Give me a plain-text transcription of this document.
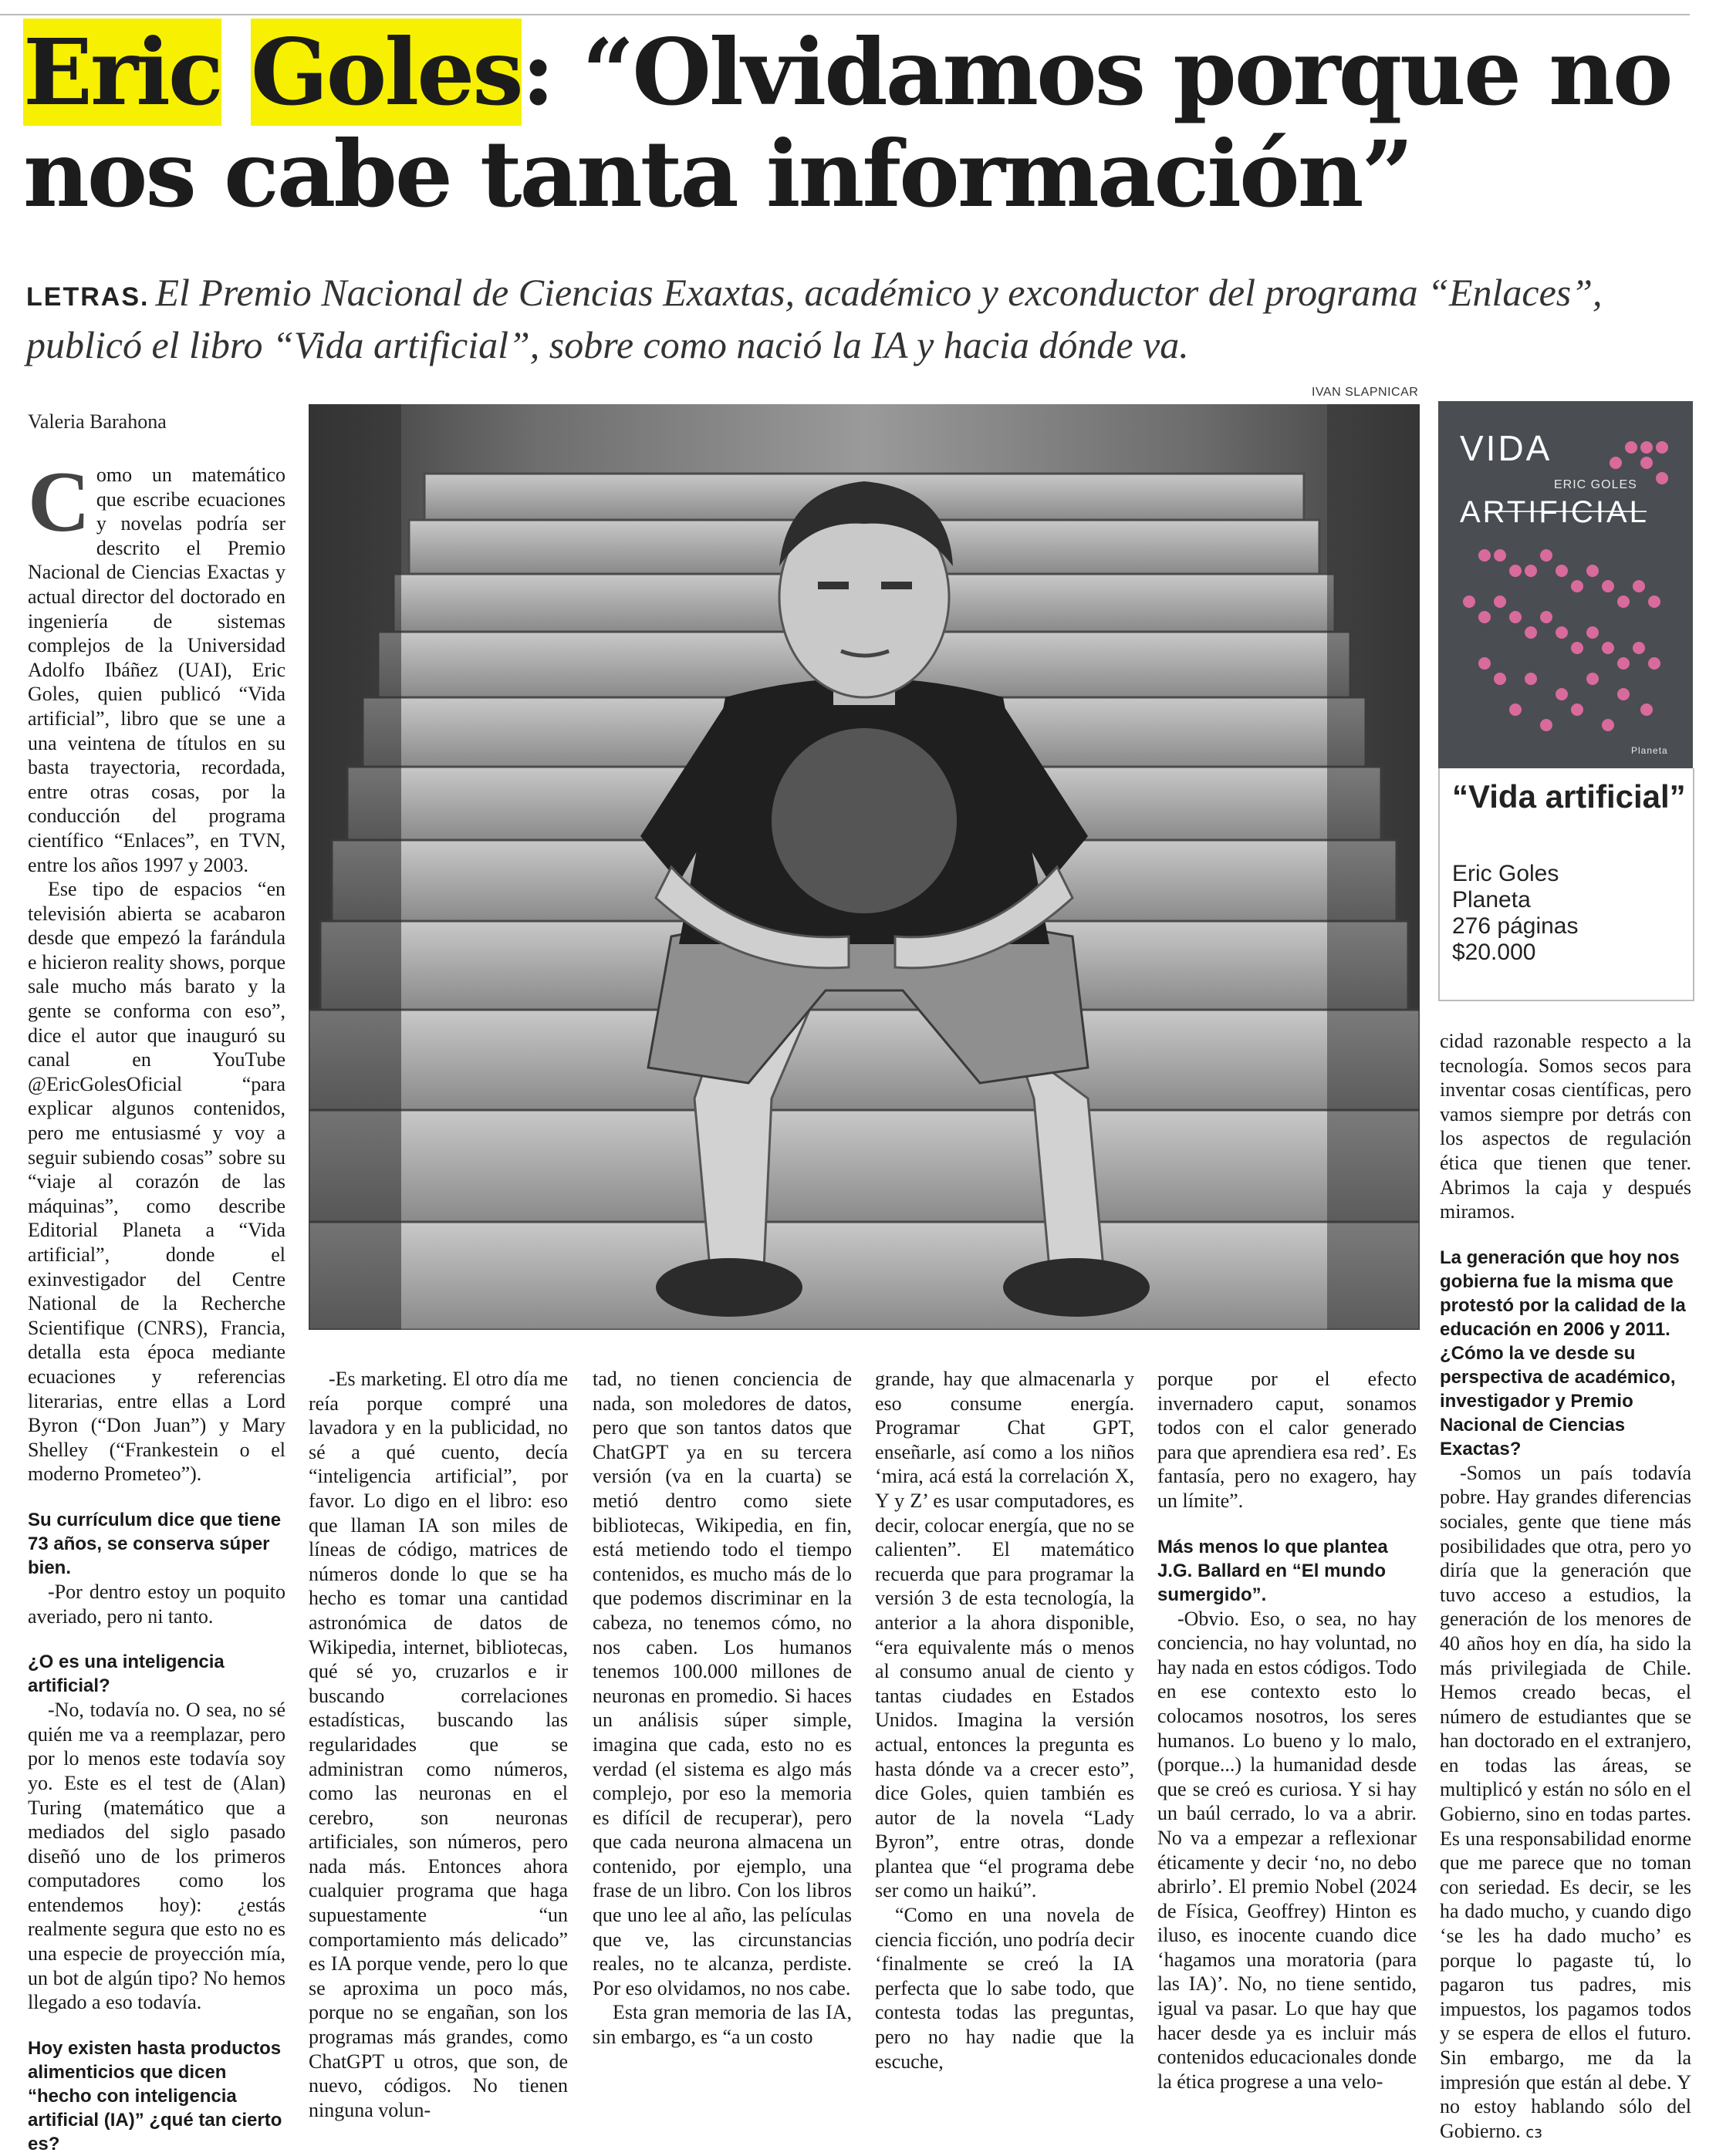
Eric Goles: “Olvidamos porque no nos cabe tanta información”

LETRAS. El Premio Nacional de Ciencias Exaxtas, académico y exconductor del programa “Enlaces”, publicó el libro “Vida artificial”, sobre como nació la IA y hacia dónde va.

Valeria Barahona
IVAN SLAPNICAR
VIDA
ERIC GOLES
ARTIFICIAL
Planeta
“Vida artificial”
Eric Goles
Planeta
276 páginas
$20.000

Como un matemático que escribe ecuaciones y novelas podría ser descrito el Premio Nacional de Ciencias Exactas y actual director del doctorado en ingeniería de sistemas complejos de la Universidad Adolfo Ibáñez (UAI), Eric Goles, quien publicó “Vida artificial”, libro que se une a una veintena de títulos en su basta trayectoria, recordada, entre otras cosas, por la conducción del programa científico “Enlaces”, en TVN, entre los años 1997 y 2003.

Ese tipo de espacios “en televisión abierta se acabaron desde que empezó la farándula e hicieron reality shows, porque sale mucho más barato y la gente se conforma con eso”, dice el autor que inauguró su canal en YouTube @EricGolesOficial “para explicar algunos contenidos, pero me entusiasmé y voy a seguir subiendo cosas” sobre su “viaje al corazón de las máquinas”, como describe Editorial Planeta a “Vida artificial”, donde el exinvestigador del Centre National de la Recherche Scientifique (CNRS), Francia, detalla esta época mediante ecuaciones y referencias literarias, entre ellas a Lord Byron (“Don Juan”) y Mary Shelley (“Frankestein o el moderno Prometeo”).

Su currículum dice que tiene 73 años, se conserva súper bien.

-Por dentro estoy un poquito averiado, pero ni tanto.

¿O es una inteligencia artificial?

-No, todavía no. O sea, no sé quién me va a reemplazar, pero por lo menos este todavía soy yo. Este es el test de (Alan) Turing (matemático que a mediados del siglo pasado diseñó uno de los primeros computadores como los entendemos hoy): ¿estás realmente segura que esto no es una especie de proyección mía, un bot de algún tipo? No hemos llegado a eso todavía.

Hoy existen hasta productos alimenticios que dicen “hecho con inteligencia artificial (IA)” ¿qué tan cierto es?

-Es marketing. El otro día me reía porque compré una lavadora y en la publicidad, no sé a qué cuento, decía “inteligencia artificial”, por favor. Lo digo en el libro: eso que llaman IA son miles de líneas de código, matrices de números donde lo que se ha hecho es tomar una cantidad astronómica de datos de Wikipedia, internet, bibliotecas, qué sé yo, cruzarlos e ir buscando correlaciones estadísticas, buscando las regularidades que se administran como números, como las neuronas en el cerebro, son neuronas artificiales, son números, pero nada más. Entonces ahora cualquier programa que haga supuestamente “un comportamiento más delicado” es IA porque vende, pero lo que se aproxima un poco más, porque no se engañan, son los programas más grandes, como ChatGPT u otros, que son, de nuevo, códigos. No tienen ninguna volun-

tad, no tienen conciencia de nada, son moledores de datos, pero que son tantos datos que ChatGPT ya en su tercera versión (va en la cuarta) se metió dentro como siete bibliotecas, Wikipedia, en fin, está metiendo todo el tiempo contenidos, es mucho más de lo que podemos discriminar en la cabeza, no tenemos cómo, no nos caben. Los humanos tenemos 100.000 millones de neuronas en promedio. Si haces un análisis súper simple, imagina que cada, esto no es verdad (el sistema es algo más complejo, por eso la memoria es difícil de recuperar), pero que cada neurona almacena un contenido, por ejemplo, una frase de un libro. Con los libros que uno lee al año, las películas que ve, las circunstancias reales, no te alcanza, perdiste. Por eso olvidamos, no nos cabe.

Esta gran memoria de las IA, sin embargo, es “a un costo

grande, hay que almacenarla y eso consume energía. Programar Chat GPT, enseñarle, así como a los niños ‘mira, acá está la correlación X, Y y Z’ es usar computadores, es decir, colocar energía, que no se calienten”. El matemático recuerda que para programar la versión 3 de esta tecnología, la anterior a la ahora disponible, “era equivalente más o menos al consumo anual de ciento y tantas ciudades en Estados Unidos. Imagina la versión actual, entonces la pregunta es hasta dónde va a crecer esto”, dice Goles, quien también es autor de la novela “Lady Byron”, entre otras, donde plantea que “el programa debe ser como un haikú”.

“Como en una novela de ciencia ficción, uno podría decir ‘finalmente se creó la IA perfecta que lo sabe todo, que contesta todas las preguntas, pero no hay nadie que la escuche,

porque por el efecto invernadero caput, sonamos todos con el calor generado para que aprendiera esa red’. Es fantasía, pero no exagero, hay un límite”.

Más menos lo que plantea J.G. Ballard en “El mundo sumergido”.

-Obvio. Eso, o sea, no hay conciencia, no hay voluntad, no hay nada en estos códigos. Todo en ese contexto esto lo colocamos nosotros, los seres humanos. Lo bueno y lo malo, (porque...) la humanidad desde que se creó es curiosa. Y si hay un baúl cerrado, lo va a abrir. No va a empezar a reflexionar éticamente y decir ‘no, no debo abrirlo’. El premio Nobel (2024 de Física, Geoffrey) Hinton es iluso, es inocente cuando dice ‘hagamos una moratoria (para las IA)’. No, no tiene sentido, igual va pasar. Lo que hay que hacer desde ya es incluir más contenidos educacionales donde la ética progrese a una velo-

cidad razonable respecto a la tecnología. Somos secos para inventar cosas científicas, pero vamos siempre por detrás con los aspectos de regulación ética que tienen que tener. Abrimos la caja y después miramos.

La generación que hoy nos gobierna fue la misma que protestó por la calidad de la educación en 2006 y 2011. ¿Cómo la ve desde su perspectiva de académico, investigador y Premio Nacional de Ciencias Exactas?

-Somos un país todavía pobre. Hay grandes diferencias sociales, gente que tiene más posibilidades que otra, pero yo diría que la generación que tuvo acceso a estudios, la generación de los menores de 40 años hoy en día, ha sido la más privilegiada de Chile. Hemos creado becas, el número de estudiantes que se han doctorado en el extranjero, en todas las áreas, se multiplicó y están no sólo en el Gobierno, sino en todas partes. Es una responsabilidad enorme que me parece que no toman con seriedad. Es decir, se les ha dado mucho, y cuando digo ‘se les ha dado mucho’ es porque lo pagaste tú, lo pagaron tus padres, mis impuestos, los pagamos todos y se espera de ellos el futuro. Sin embargo, me da la impresión que están al debe. Y no estoy hablando sólo del Gobierno. cз
